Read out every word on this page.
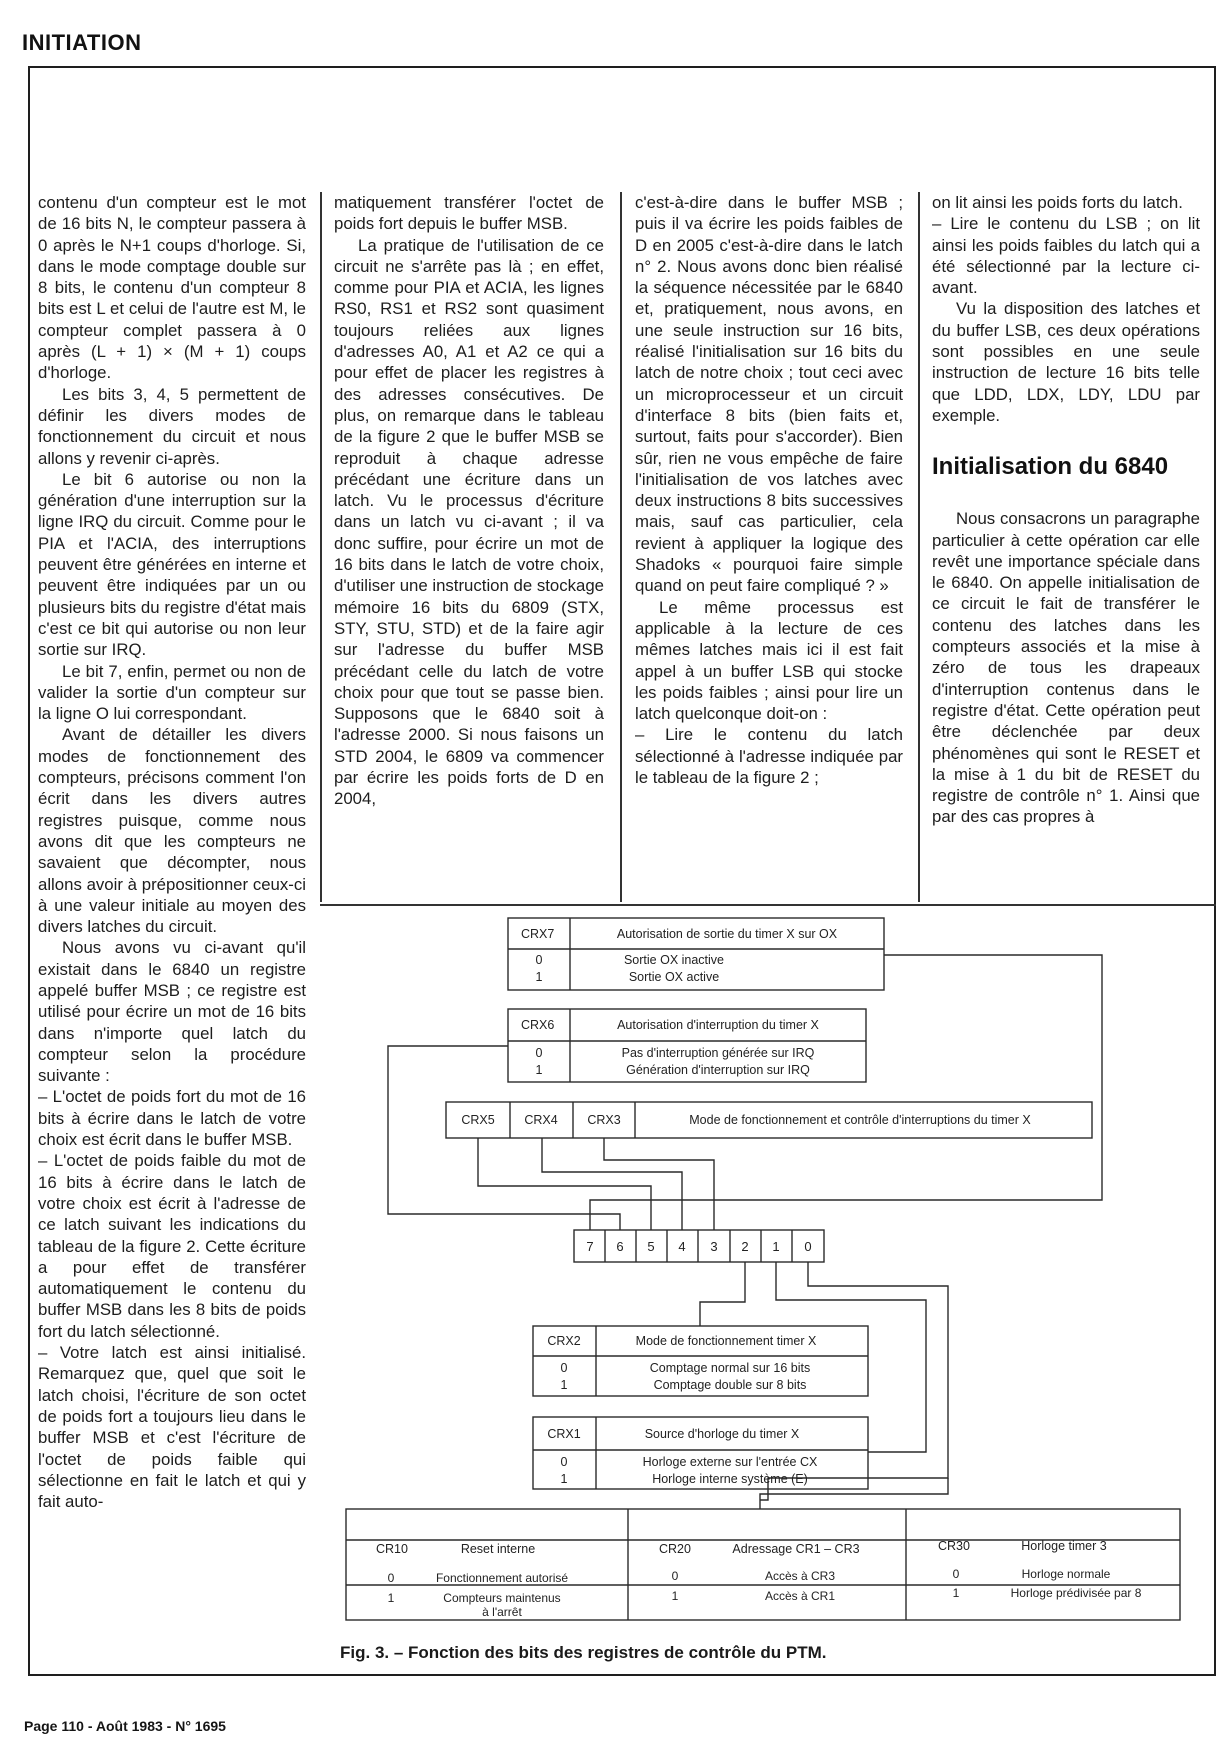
INITIATION

contenu d'un compteur est le mot de 16 bits N, le compteur passera à 0 après le N+1 coups d'horloge. Si, dans le mode comptage double sur 8 bits, le contenu d'un compteur 8 bits est L et celui de l'autre est M, le compteur complet passera à 0 après (L + 1) × (M + 1) coups d'horloge.

Les bits 3, 4, 5 permettent de définir les divers modes de fonctionnement du circuit et nous allons y revenir ci-après.

Le bit 6 autorise ou non la génération d'une interruption sur la ligne IRQ du circuit. Comme pour le PIA et l'ACIA, des interruptions peuvent être générées en interne et peuvent être indiquées par un ou plusieurs bits du registre d'état mais c'est ce bit qui autorise ou non leur sortie sur IRQ.

Le bit 7, enfin, permet ou non de valider la sortie d'un compteur sur la ligne O lui correspondant.

Avant de détailler les divers modes de fonctionnement des compteurs, précisons comment l'on écrit dans les divers autres registres puisque, comme nous avons dit que les compteurs ne savaient que décompter, nous allons avoir à prépositionner ceux-ci à une valeur initiale au moyen des divers latches du circuit.

Nous avons vu ci-avant qu'il existait dans le 6840 un registre appelé buffer MSB ; ce registre est utilisé pour écrire un mot de 16 bits dans n'importe quel latch du compteur selon la procédure suivante :

– L'octet de poids fort du mot de 16 bits à écrire dans le latch de votre choix est écrit dans le buffer MSB.

– L'octet de poids faible du mot de 16 bits à écrire dans le latch de votre choix est écrit à l'adresse de ce latch suivant les indications du tableau de la figure 2. Cette écriture a pour effet de transférer automatiquement le contenu du buffer MSB dans les 8 bits de poids fort du latch sélectionné.

– Votre latch est ainsi initialisé. Remarquez que, quel que soit le latch choisi, l'écriture de son octet de poids fort a toujours lieu dans le buffer MSB et c'est l'écriture de l'octet de poids faible qui sélectionne en fait le latch et qui y fait auto-

matiquement transférer l'octet de poids fort depuis le buffer MSB.

La pratique de l'utilisation de ce circuit ne s'arrête pas là ; en effet, comme pour PIA et ACIA, les lignes RS0, RS1 et RS2 sont quasiment toujours reliées aux lignes d'adresses A0, A1 et A2 ce qui a pour effet de placer les registres à des adresses consécutives. De plus, on remarque dans le tableau de la figure 2 que le buffer MSB se reproduit à chaque adresse précédant une écriture dans un latch. Vu le processus d'écriture dans un latch vu ci-avant ; il va donc suffire, pour écrire un mot de 16 bits dans le latch de votre choix, d'utiliser une instruction de stockage mémoire 16 bits du 6809 (STX, STY, STU, STD) et de la faire agir sur l'adresse du buffer MSB précédant celle du latch de votre choix pour que tout se passe bien. Supposons que le 6840 soit à l'adresse 2000. Si nous faisons un STD 2004, le 6809 va commencer par écrire les poids forts de D en 2004,

c'est-à-dire dans le buffer MSB ; puis il va écrire les poids faibles de D en 2005 c'est-à-dire dans le latch n° 2. Nous avons donc bien réalisé la séquence nécessitée par le 6840 et, pratiquement, nous avons, en une seule instruction sur 16 bits, réalisé l'initialisation sur 16 bits du latch de notre choix ; tout ceci avec un microprocesseur et un circuit d'interface 8 bits (bien faits et, surtout, faits pour s'accorder). Bien sûr, rien ne vous empêche de faire l'initialisation de vos latches avec deux instructions 8 bits successives mais, sauf cas particulier, cela revient à appliquer la logique des Shadoks « pourquoi faire simple quand on peut faire compliqué ? »

Le même processus est applicable à la lecture de ces mêmes latches mais ici il est fait appel à un buffer LSB qui stocke les poids faibles ; ainsi pour lire un latch quelconque doit-on :

– Lire le contenu du latch sélectionné à l'adresse indiquée par le tableau de la figure 2 ;

on lit ainsi les poids forts du latch.

– Lire le contenu du LSB ; on lit ainsi les poids faibles du latch qui a été sélectionné par la lecture ci-avant.

Vu la disposition des latches et du buffer LSB, ces deux opérations sont possibles en une seule instruction de lecture 16 bits telle que LDD, LDX, LDY, LDU par exemple.

Initialisation du 6840

Nous consacrons un paragraphe particulier à cette opération car elle revêt une importance spéciale dans le 6840. On appelle initialisation de ce circuit le fait de transférer le contenu des latches dans les compteurs associés et la mise à zéro de tous les drapeaux d'interruption contenus dans le registre d'état. Cette opération peut être déclenchée par deux phénomènes qui sont le RESET et la mise à 1 du bit de RESET du registre de contrôle n° 1. Ainsi que par des cas propres à

CRX7	Autorisation de sortie du timer X sur OX
0	Sortie OX inactive
1	Sortie OX active
CRX6	Autorisation d'interruption du timer X
0	Pas d'interruption générée sur IRQ
1	Génération d'interruption sur IRQ
CRX5 CRX4 CRX3	Mode de fonctionnement et contrôle d'interruptions du timer X
7 6 5 4 3 2 1 0
CRX2	Mode de fonctionnement timer X
0	Comptage normal sur 16 bits
1	Comptage double sur 8 bits
CRX1	Source d'horloge du timer X
0	Horloge externe sur l'entrée CX
1	Horloge interne système (E)
CR10	Reset interne
0	Fonctionnement autorisé
1	Compteurs maintenus
à l'arrêt
CR20	Adressage CR1 – CR3
0	Accès à CR3
1	Accès à CR1
CR30	Horloge timer 3
0	Horloge normale
1	Horloge prédivisée par 8
Fig. 3. – Fonction des bits des registres de contrôle du PTM.
Page 110 - Août 1983 - N° 1695
